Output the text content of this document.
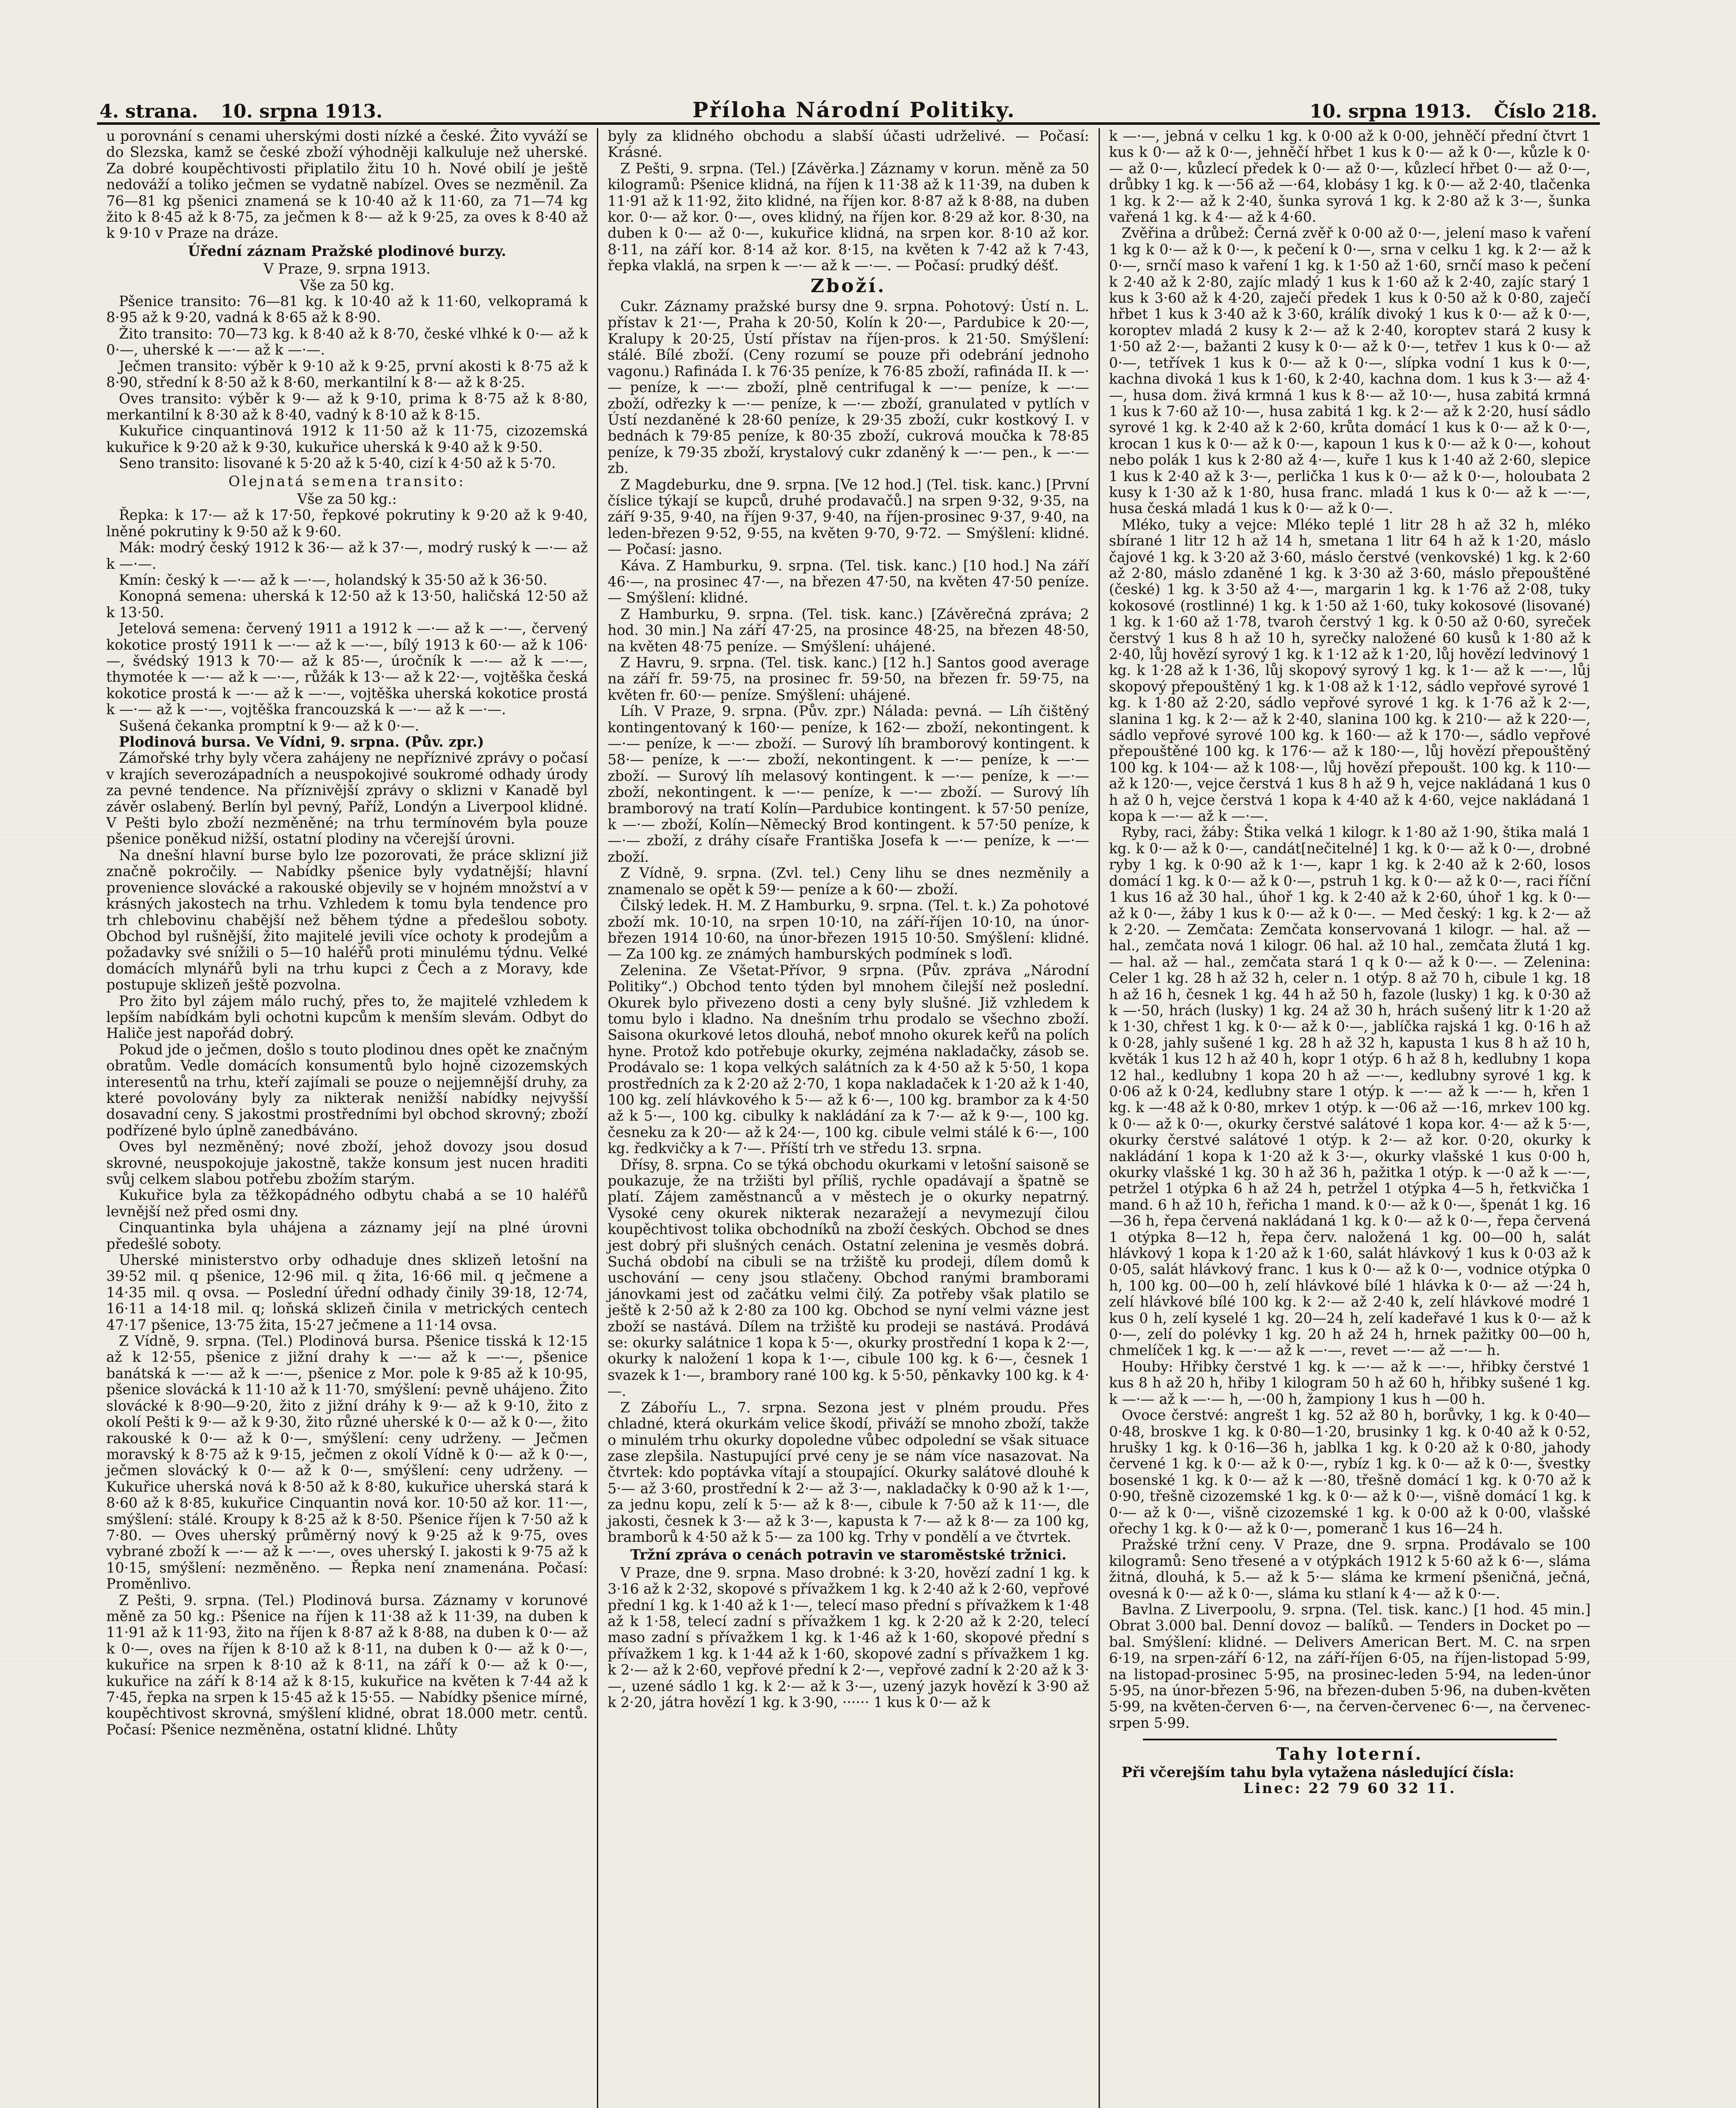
4. strana. 10. srpna 1913.	Příloha Národní Politiky.	10. srpna 1913. Číslo 218.

u porovnání s cenami uherskými dosti nízké a české. Žito vyváží se do Slezska, kamž se české zboží výhodněji kalkuluje než uherské. Za dobré koupěchtivosti připlatilo žitu 10 h. Nové obilí je ještě nedováží a toliko ječmen se vydatně nabízel. Oves se nezměnil. Za 76—81 kg pšenici znamená se k 10·40 až k 11·60, za 71—74 kg žito k 8·45 až k 8·75, za ječmen k 8·— až k 9·25, za oves k 8·40 až k 9·10 v Praze na dráze.

Úřední záznam Pražské plodinové burzy.

V Praze, 9. srpna 1913.

Vše za 50 kg.

Pšenice transito: 76—81 kg. k 10·40 až k 11·60, velkopramá k 8·95 až k 9·20, vadná k 8·65 až k 8·90.

Žito transito: 70—73 kg. k 8·40 až k 8·70, české vlhké k 0·— až k 0·—, uherské k —·— až k —·—.

Ječmen transito: výběr k 9·10 až k 9·25, první akosti k 8·75 až k 8·90, střední k 8·50 až k 8·60, merkantilní k 8·— až k 8·25.

Oves transito: výběr k 9·— až k 9·10, prima k 8·75 až k 8·80, merkantilní k 8·30 až k 8·40, vadný k 8·10 až k 8·15.

Kukuřice cinquantinová 1912 k 11·50 až k 11·75, cizozemská kukuřice k 9·20 až k 9·30, kukuřice uherská k 9·40 až k 9·50.

Seno transito: lisované k 5·20 až k 5·40, cizí k 4·50 až k 5·70.

Olejnatá semena transito:

Vše za 50 kg.:

Řepka: k 17·— až k 17·50, řepkové pokrutiny k 9·20 až k 9·40, lněné pokrutiny k 9·50 až k 9·60.

Mák: modrý český 1912 k 36·— až k 37·—, modrý ruský k —·— až k —·—.

Kmín: český k —·— až k —·—, holandský k 35·50 až k 36·50.

Konopná semena: uherská k 12·50 až k 13·50, haličská 12·50 až k 13·50.

Jetelová semena: červený 1911 a 1912 k —·— až k —·—, červený kokotice prostý 1911 k —·— až k —·—, bílý 1913 k 60·— až k 106·—, švédský 1913 k 70·— až k 85·—, úročník k —·— až k —·—, thymotée k —·— až k —·—, růžák k 13·— až k 22·—, vojtěška česká kokotice prostá k —·— až k —·—, vojtěška uherská kokotice prostá k —·— až k —·—, vojtěška francouzská k —·— až k —·—.

Sušená čekanka promptní k 9·— až k 0·—.

Plodinová bursa. Ve Vídni, 9. srpna. (Pův. zpr.)

Zámořské trhy byly včera zahájeny ne nepříznivé zprávy o počasí v krajích severozápadních a neuspokojivé soukromé odhady úrody za pevné tendence. Na příznivější zprávy o sklizni v Kanadě byl závěr oslabený. Berlín byl pevný, Paříž, Londýn a Liverpool klidné. V Pešti bylo zboží nezměněné; na trhu termínovém byla pouze pšenice poněkud nižší, ostatní plodiny na včerejší úrovni.

Na dnešní hlavní burse bylo lze pozorovati, že práce sklizní již značně pokročily. — Nabídky pšenice byly vydatnější; hlavní provenience slovácké a rakouské objevily se v hojném množství a v krásných jakostech na trhu. Vzhledem k tomu byla tendence pro trh chlebovinu chabější než během týdne a předešlou soboty. Obchod byl rušnější, žito majitelé jevili více ochoty k prodejům a požadavky své snížili o 5—10 haléřů proti minulému týdnu. Velké domácích mlynářů byli na trhu kupci z Čech a z Moravy, kde postupuje sklizeň ještě pozvolna.

Pro žito byl zájem málo ruchý, přes to, že majitelé vzhledem k lepším nabídkám byli ochotni kupcům k menším slevám. Odbyt do Haliče jest napořád dobrý.

Pokud jde o ječmen, došlo s touto plodinou dnes opět ke značným obratům. Vedle domácích konsumentů bylo hojně cizozemských interesentů na trhu, kteří zajímali se pouze o nejjemnější druhy, za které povolovány byly za nikterak nenižší nabídky nejvyšší dosavadní ceny. S jakostmi prostředními byl obchod skrovný; zboží podřízené bylo úplně zanedbáváno.

Oves byl nezměněný; nové zboží, jehož dovozy jsou dosud skrovné, neuspokojuje jakostně, takže konsum jest nucen hraditi svůj celkem slabou potřebu zbožím starým.

Kukuřice byla za těžkopádného odbytu chabá a se 10 haléřů levnější než před osmi dny.

Cinquantinka byla uhájena a záznamy její na plné úrovni předešlé soboty.

Uherské ministerstvo orby odhaduje dnes sklizeň letošní na 39·52 mil. q pšenice, 12·96 mil. q žita, 16·66 mil. q ječmene a 14·35 mil. q ovsa. — Poslední úřední odhady činily 39·18, 12·74, 16·11 a 14·18 mil. q; loňská sklizeň činila v metrických centech 47·17 pšenice, 13·75 žita, 15·27 ječmene a 11·14 ovsa.

Z Vídně, 9. srpna. (Tel.) Plodinová bursa. Pšenice tisská k 12·15 až k 12·55, pšenice z jižní drahy k —·— až k —·—, pšenice banátská k —·— až k —·—, pšenice z Mor. pole k 9·85 až k 10·95, pšenice slovácká k 11·10 až k 11·70, smýšlení: pevně uhájeno. Žito slovácké k 8·90—9·20, žito z jižní dráhy k 9·— až k 9·10, žito z okolí Pešti k 9·— až k 9·30, žito různé uherské k 0·— až k 0·—, žito rakouské k 0·— až k 0·—, smýšlení: ceny udrženy. — Ječmen moravský k 8·75 až k 9·15, ječmen z okolí Vídně k 0·— až k 0·—, ječmen slovácký k 0·— až k 0·—, smýšlení: ceny udrženy. — Kukuřice uherská nová k 8·50 až k 8·80, kukuřice uherská stará k 8·60 až k 8·85, kukuřice Cinquantin nová kor. 10·50 až kor. 11·—, smýšlení: stálé. Kroupy k 8·25 až k 8·50. Pšenice říjen k 7·50 až k 7·80. — Oves uherský průměrný nový k 9·25 až k 9·75, oves vybrané zboží k —·— až k —·—, oves uherský I. jakosti k 9·75 až k 10·15, smýšlení: nezměněno. — Řepka není znamenána. Počasí: Proměnlivo.

Z Pešti, 9. srpna. (Tel.) Plodinová bursa. Záznamy v korunové měně za 50 kg.: Pšenice na říjen k 11·38 až k 11·39, na duben k 11·91 až k 11·93, žito na říjen k 8·87 až k 8·88, na duben k 0·— až k 0·—, oves na říjen k 8·10 až k 8·11, na duben k 0·— až k 0·—, kukuřice na srpen k 8·10 až k 8·11, na září k 0·— až k 0·—, kukuřice na září k 8·14 až k 8·15, kukuřice na květen k 7·44 až k 7·45, řepka na srpen k 15·45 až k 15·55. — Nabídky pšenice mírné, koupěchtivost skrovná, smýšlení klidné, obrat 18.000 metr. centů. Počasí: Pšenice nezměněna, ostatní klidné. Lhůty

byly za klidného obchodu a slabší účasti udrželivé. — Počasí: Krásné.

Z Pešti, 9. srpna. (Tel.) [Závěrka.] Záznamy v korun. měně za 50 kilogramů: Pšenice klidná, na říjen k 11·38 až k 11·39, na duben k 11·91 až k 11·92, žito klidné, na říjen kor. 8·87 až k 8·88, na duben kor. 0·— až kor. 0·—, oves klidný, na říjen kor. 8·29 až kor. 8·30, na duben k 0·— až 0·—, kukuřice klidná, na srpen kor. 8·10 až kor. 8·11, na září kor. 8·14 až kor. 8·15, na květen k 7·42 až k 7·43, řepka vlaklá, na srpen k —·— až k —·—. — Počasí: prudký déšť.

Zboží.

Cukr. Záznamy pražské bursy dne 9. srpna. Pohotový: Ústí n. L. přístav k 21·—, Praha k 20·50, Kolín k 20·—, Pardubice k 20·—, Kralupy k 20·25, Ústí přístav na říjen-pros. k 21·50. Smýšlení: stálé. Bílé zboží. (Ceny rozumí se pouze při odebrání jednoho vagonu.) Rafináda I. k 76·35 peníze, k 76·85 zboží, rafináda II. k —·— peníze, k —·— zboží, plně centrifugal k —·— peníze, k —·— zboží, odřezky k —·— peníze, k —·— zboží, granulated v pytlích v Ústí nezdaněné k 28·60 peníze, k 29·35 zboží, cukr kostkový I. v bednách k 79·85 peníze, k 80·35 zboží, cukrová moučka k 78·85 peníze, k 79·35 zboží, krystalový cukr zdaněný k —·— pen., k —·— zb.

Z Magdeburku, dne 9. srpna. [Ve 12 hod.] (Tel. tisk. kanc.) [První číslice týkají se kupců, druhé prodavačů.] na srpen 9·32, 9·35, na září 9·35, 9·40, na říjen 9·37, 9·40, na říjen-prosinec 9·37, 9·40, na leden-březen 9·52, 9·55, na květen 9·70, 9·72. — Smýšlení: klidné. — Počasí: jasno.

Káva. Z Hamburku, 9. srpna. (Tel. tisk. kanc.) [10 hod.] Na září 46·—, na prosinec 47·—, na březen 47·50, na květen 47·50 peníze. — Smýšlení: klidné.

Z Hamburku, 9. srpna. (Tel. tisk. kanc.) [Závěrečná zpráva; 2 hod. 30 min.] Na září 47·25, na prosince 48·25, na březen 48·50, na květen 48·75 peníze. — Smýšlení: uhájené.

Z Havru, 9. srpna. (Tel. tisk. kanc.) [12 h.] Santos good average na září fr. 59·75, na prosinec fr. 59·50, na březen fr. 59·75, na květen fr. 60·— peníze. Smýšlení: uhájené.

Líh. V Praze, 9. srpna. (Pův. zpr.) Nálada: pevná. — Líh čištěný kontingentovaný k 160·— peníze, k 162·— zboží, nekontingent. k —·— peníze, k —·— zboží. — Surový líh bramborový kontingent. k 58·— peníze, k —·— zboží, nekontingent. k —·— peníze, k —·— zboží. — Surový líh melasový kontingent. k —·— peníze, k —·— zboží, nekontingent. k —·— peníze, k —·— zboží. — Surový líh bramborový na tratí Kolín—Pardubice kontingent. k 57·50 peníze, k —·— zboží, Kolín—Německý Brod kontingent. k 57·50 peníze, k —·— zboží, z dráhy císaře Františka Josefa k —·— peníze, k —·— zboží.

Z Vídně, 9. srpna. (Zvl. tel.) Ceny lihu se dnes nezměnily a znamenalo se opět k 59·— peníze a k 60·— zboží.

Čilský ledek. H. M. Z Hamburku, 9. srpna. (Tel. t. k.) Za pohotové zboží mk. 10·10, na srpen 10·10, na září-říjen 10·10, na únor-březen 1914 10·60, na únor-březen 1915 10·50. Smýšlení: klidné. — Za 100 kg. ze známých hamburských podmínek s loďi.

Zelenina. Ze Všetat-Přívor, 9 srpna. (Pův. zpráva „Národní Politiky“.) Obchod tento týden byl mnohem čilejší než poslední. Okurek bylo přivezeno dosti a ceny byly slušné. Již vzhledem k tomu bylo i kladno. Na dnešním trhu prodalo se všechno zboží. Saisona okurkové letos dlouhá, neboť mnoho okurek keřů na polích hyne. Protož kdo potřebuje okurky, zejména nakladačky, zásob se. Prodávalo se: 1 kopa velkých salátních za k 4·50 až k 5·50, 1 kopa prostředních za k 2·20 až 2·70, 1 kopa nakladaček k 1·20 až k 1·40, 100 kg. zelí hlávkového k 5·— až k 6·—, 100 kg. brambor za k 4·50 až k 5·—, 100 kg. cibulky k nakládání za k 7·— až k 9·—, 100 kg. česneku za k 20·— až k 24·—, 100 kg. cibule velmi stálé k 6·—, 100 kg. ředkvičky a k 7·—. Příští trh ve středu 13. srpna.

Dřísy, 8. srpna. Co se týká obchodu okurkami v letošní saisoně se poukazuje, že na tržišti byl příliš, rychle opadávají a špatně se platí. Zájem zaměstnanců a v městech je o okurky nepatrný. Vysoké ceny okurek nikterak nezaražejí a nevymezují čilou koupěchtivost tolika obchodníků na zboží českých. Obchod se dnes jest dobrý při slušných cenách. Ostatní zelenina je vesměs dobrá. Suchá období na cibuli se na tržiště ku prodeji, dílem domů k uschování — ceny jsou stlačeny. Obchod ranými bramborami jánovkami jest od začátku velmi čilý. Za potřeby však platilo se ještě k 2·50 až k 2·80 za 100 kg. Obchod se nyní velmi vázne jest zboží se nastává. Dílem na tržiště ku prodeji se nastává. Prodává se: okurky salátnice 1 kopa k 5·—, okurky prostřední 1 kopa k 2·—, okurky k naložení 1 kopa k 1·—, cibule 100 kg. k 6·—, česnek 1 svazek k 1·—, brambory rané 100 kg. k 5·50, pěnkavky 100 kg. k 4·—.

Z Záboříu L., 7. srpna. Sezona jest v plném proudu. Přes chladné, která okurkám velice škodí, přiváží se mnoho zboží, takže o minulém trhu okurky dopoledne vůbec odpolední se však situace zase zlepšila. Nastupující prvé ceny je se nám více nasazovat. Na čtvrtek: kdo poptávka vítají a stoupající. Okurky salátové dlouhé k 5·— až 3·60, prostřední k 2·— až 3·—, nakladačky k 0·90 až k 1·—, za jednu kopu, zelí k 5·— až k 8·—, cibule k 7·50 až k 11·—, dle jakosti, česnek k 3·— až k 3·—, kapusta k 7·— až k 8·— za 100 kg, bramborů k 4·50 až k 5·— za 100 kg. Trhy v pondělí a ve čtvrtek.

Tržní zpráva o cenách potravin ve staroměstské tržnici.

V Praze, dne 9. srpna. Maso drobné: k 3·20, hovězí zadní 1 kg. k 3·16 až k 2·32, skopové s přívažkem 1 kg. k 2·40 až k 2·60, vepřové přední 1 kg. k 1·40 až k 1·—, telecí maso přední s přívažkem k 1·48 až k 1·58, telecí zadní s přívažkem 1 kg. k 2·20 až k 2·20, telecí maso zadní s přívažkem 1 kg. k 1·46 až k 1·60, skopové přední s přívažkem 1 kg. k 1·44 až k 1·60, skopové zadní s přívažkem 1 kg. k 2·— až k 2·60, vepřové přední k 2·—, vepřové zadní k 2·20 až k 3·—, uzené sádlo 1 kg. k 2·— až k 3·—, uzený jazyk hovězí k 3·90 až k 2·20, játra hovězí 1 kg. k 3·90, ······ 1 kus k 0·— až k

k —·—, jebná v celku 1 kg. k 0·00 až k 0·00, jehněčí přední čtvrt 1 kus k 0·— až k 0·—, jehněčí hřbet 1 kus k 0·— až k 0·—, kůzle k 0·— až 0·—, kůzlecí předek k 0·— až 0·—, kůzlecí hřbet 0·— až 0·—, drůbky 1 kg. k —·56 až —·64, klobásy 1 kg. k 0·— až 2·40, tlačenka 1 kg. k 2·— až k 2·40, šunka syrová 1 kg. k 2·80 až k 3·—, šunka vařená 1 kg. k 4·— až k 4·60.

Zvěřina a drůbež: Černá zvěř k 0·00 až 0·—, jelení maso k vaření 1 kg k 0·— až k 0·—, k pečení k 0·—, srna v celku 1 kg. k 2·— až k 0·—, srnčí maso k vaření 1 kg. k 1·50 až 1·60, srnčí maso k pečení k 2·40 až k 2·80, zajíc mladý 1 kus k 1·60 až k 2·40, zajíc starý 1 kus k 3·60 až k 4·20, zaječí předek 1 kus k 0·50 až k 0·80, zaječí hřbet 1 kus k 3·40 až k 3·60, králík divoký 1 kus k 0·— až k 0·—, koroptev mladá 2 kusy k 2·— až k 2·40, koroptev stará 2 kusy k 1·50 až 2·—, bažanti 2 kusy k 0·— až k 0·—, tetřev 1 kus k 0·— až 0·—, tetřívek 1 kus k 0·— až k 0·—, slípka vodní 1 kus k 0·—, kachna divoká 1 kus k 1·60, k 2·40, kachna dom. 1 kus k 3·— až 4·—, husa dom. živá krmná 1 kus k 8·— až 10·—, husa zabitá krmná 1 kus k 7·60 až 10·—, husa zabitá 1 kg. k 2·— až k 2·20, husí sádlo syrové 1 kg. k 2·40 až k 2·60, krůta domácí 1 kus k 0·— až k 0·—, krocan 1 kus k 0·— až k 0·—, kapoun 1 kus k 0·— až k 0·—, kohout nebo polák 1 kus k 2·80 až 4·—, kuře 1 kus k 1·40 až 2·60, slepice 1 kus k 2·40 až k 3·—, perlička 1 kus k 0·— až k 0·—, holoubata 2 kusy k 1·30 až k 1·80, husa franc. mladá 1 kus k 0·— až k —·—, husa česká mladá 1 kus k 0·— až k 0·—.

Mléko, tuky a vejce: Mléko teplé 1 litr 28 h až 32 h, mléko sbírané 1 litr 12 h až 14 h, smetana 1 litr 64 h až k 1·20, máslo čajové 1 kg. k 3·20 až 3·60, máslo čerstvé (venkovské) 1 kg. k 2·60 až 2·80, máslo zdaněné 1 kg. k 3·30 až 3·60, máslo přepouštěné (české) 1 kg. k 3·50 až 4·—, margarin 1 kg. k 1·76 až 2·08, tuky kokosové (rostlinné) 1 kg. k 1·50 až 1·60, tuky kokosové (lisované) 1 kg. k 1·60 až 1·78, tvaroh čerstvý 1 kg. k 0·50 až 0·60, syreček čerstvý 1 kus 8 h až 10 h, syrečky naložené 60 kusů k 1·80 až k 2·40, lůj hovězí syrový 1 kg. k 1·12 až k 1·20, lůj hovězí ledvinový 1 kg. k 1·28 až k 1·36, lůj skopový syrový 1 kg. k 1·— až k —·—, lůj skopový přepouštěný 1 kg. k 1·08 až k 1·12, sádlo vepřové syrové 1 kg. k 1·80 až 2·20, sádlo vepřové syrové 1 kg. k 1·76 až k 2·—, slanina 1 kg. k 2·— až k 2·40, slanina 100 kg. k 210·— až k 220·—, sádlo vepřové syrové 100 kg. k 160·— až k 170·—, sádlo vepřové přepouštěné 100 kg. k 176·— až k 180·—, lůj hovězí přepouštěný 100 kg. k 104·— až k 108·—, lůj hovězí přepoušt. 100 kg. k 110·— až k 120·—, vejce čerstvá 1 kus 8 h až 9 h, vejce nakládaná 1 kus 0 h až 0 h, vejce čerstvá 1 kopa k 4·40 až k 4·60, vejce nakládaná 1 kopa k —·— až k —·—.

Ryby, raci, žáby: Štika velká 1 kilogr. k 1·80 až 1·90, štika malá 1 kg. k 0·— až k 0·—, candát[nečitelné] 1 kg. k 0·— až k 0·—, drobné ryby 1 kg. k 0·90 až k 1·—, kapr 1 kg. k 2·40 až k 2·60, losos domácí 1 kg. k 0·— až k 0·—, pstruh 1 kg. k 0·— až k 0·—, raci říční 1 kus 16 až 30 hal., úhoř 1 kg. k 2·40 až k 2·60, úhoř 1 kg. k 0·— až k 0·—, žáby 1 kus k 0·— až k 0·—. — Med český: 1 kg. k 2·— až k 2·20. — Zemčata: Zemčata konservovaná 1 kilogr. — hal. až — hal., zemčata nová 1 kilogr. 06 hal. až 10 hal., zemčata žlutá 1 kg. — hal. až — hal., zemčata stará 1 q k 0·— až k 0·—. — Zelenina: Celer 1 kg. 28 h až 32 h, celer n. 1 otýp. 8 až 70 h, cibule 1 kg. 18 h až 16 h, česnek 1 kg. 44 h až 50 h, fazole (lusky) 1 kg. k 0·30 až k —·50, hrách (lusky) 1 kg. 24 až 30 h, hrách sušený litr k 1·20 až k 1·30, chřest 1 kg. k 0·— až k 0·—, jablíčka rajská 1 kg. 0·16 h až k 0·28, jahly sušené 1 kg. 28 h až 32 h, kapusta 1 kus 8 h až 10 h, květák 1 kus 12 h až 40 h, kopr 1 otýp. 6 h až 8 h, kedlubny 1 kopa 12 hal., kedlubny 1 kopa 20 h až —·—, kedlubny syrové 1 kg. k 0·06 až k 0·24, kedlubny stare 1 otýp. k —·— až k —·— h, křen 1 kg. k —·48 až k 0·80, mrkev 1 otýp. k —·06 až —·16, mrkev 100 kg. k 0·— až k 0·—, okurky čerstvé salátové 1 kopa kor. 4·— až k 5·—, okurky čerstvé salátové 1 otýp. k 2·— až kor. 0·20, okurky k nakládání 1 kopa k 1·20 až k 3·—, okurky vlašské 1 kus 0·00 h, okurky vlašské 1 kg. 30 h až 36 h, pažitka 1 otýp. k —·0 až k —·—, petržel 1 otýpka 6 h až 24 h, petržel 1 otýpka 4—5 h, řetkvička 1 mand. 6 h až 10 h, řeřicha 1 mand. k 0·— až k 0·—, špenát 1 kg. 16—36 h, řepa červená nakládaná 1 kg. k 0·— až k 0·—, řepa červená 1 otýpka 8—12 h, řepa červ. naložená 1 kg. 00—00 h, salát hlávkový 1 kopa k 1·20 až k 1·60, salát hlávkový 1 kus k 0·03 až k 0·05, salát hlávkový franc. 1 kus k 0·— až k 0·—, vodnice otýpka 0 h, 100 kg. 00—00 h, zelí hlávkové bílé 1 hlávka k 0·— až —·24 h, zelí hlávkové bílé 100 kg. k 2·— až 2·40 k, zelí hlávkové modré 1 kus 0 h, zelí kyselé 1 kg. 20—24 h, zelí kadeřavé 1 kus k 0·— až k 0·—, zelí do polévky 1 kg. 20 h až 24 h, hrnek pažitky 00—00 h, chmelíček 1 kg. k —·— až k —·—, revet —·— až —·— h.

Houby: Hřibky čerstvé 1 kg. k —·— až k —·—, hřibky čerstvé 1 kus 8 h až 20 h, hřiby 1 kilogram 50 h až 60 h, hřibky sušené 1 kg. k —·— až k —·— h, —·00 h, žampiony 1 kus h —00 h.

Ovoce čerstvé: angrešt 1 kg. 52 až 80 h, borůvky, 1 kg. k 0·40—0·48, broskve 1 kg. k 0·80—1·20, brusinky 1 kg. k 0·40 až k 0·52, hrušky 1 kg. k 0·16—36 h, jablka 1 kg. k 0·20 až k 0·80, jahody červené 1 kg. k 0·— až k 0·—, rybíz 1 kg. k 0·— až k 0·—, švestky bosenské 1 kg. k 0·— až k —·80, třešně domácí 1 kg. k 0·70 až k 0·90, třešně cizozemské 1 kg. k 0·— až k 0·—, višně domácí 1 kg. k 0·— až k 0·—, višně cizozemské 1 kg. k 0·00 až k 0·00, vlašské ořechy 1 kg. k 0·— až k 0·—, pomeranč 1 kus 16—24 h.

Pražské tržní ceny. V Praze, dne 9. srpna. Prodávalo se 100 kilogramů: Seno třesené a v otýpkách 1912 k 5·60 až k 6·—, sláma žitná, dlouhá, k 5.— až k 5·— sláma ke krmení pšeničná, ječná, ovesná k 0·— až k 0·—, sláma ku stlaní k 4·— až k 0·—.

Bavlna. Z Liverpoolu, 9. srpna. (Tel. tisk. kanc.) [1 hod. 45 min.] Obrat 3.000 bal. Denní dovoz — balíků. — Tenders in Docket po — bal. Smýšlení: klidné. — Delivers American Bert. M. C. na srpen 6·19, na srpen-září 6·12, na září-říjen 6·05, na říjen-listopad 5·99, na listopad-prosinec 5·95, na prosinec-leden 5·94, na leden-únor 5·95, na únor-březen 5·96, na březen-duben 5·96, na duben-květen 5·99, na květen-červen 6·—, na červen-červenec 6·—, na červenec-srpen 5·99.

Tahy loterní.

Při včerejším tahu byla vytažena následující čísla:

Linec: 22 79 60 32 11.
